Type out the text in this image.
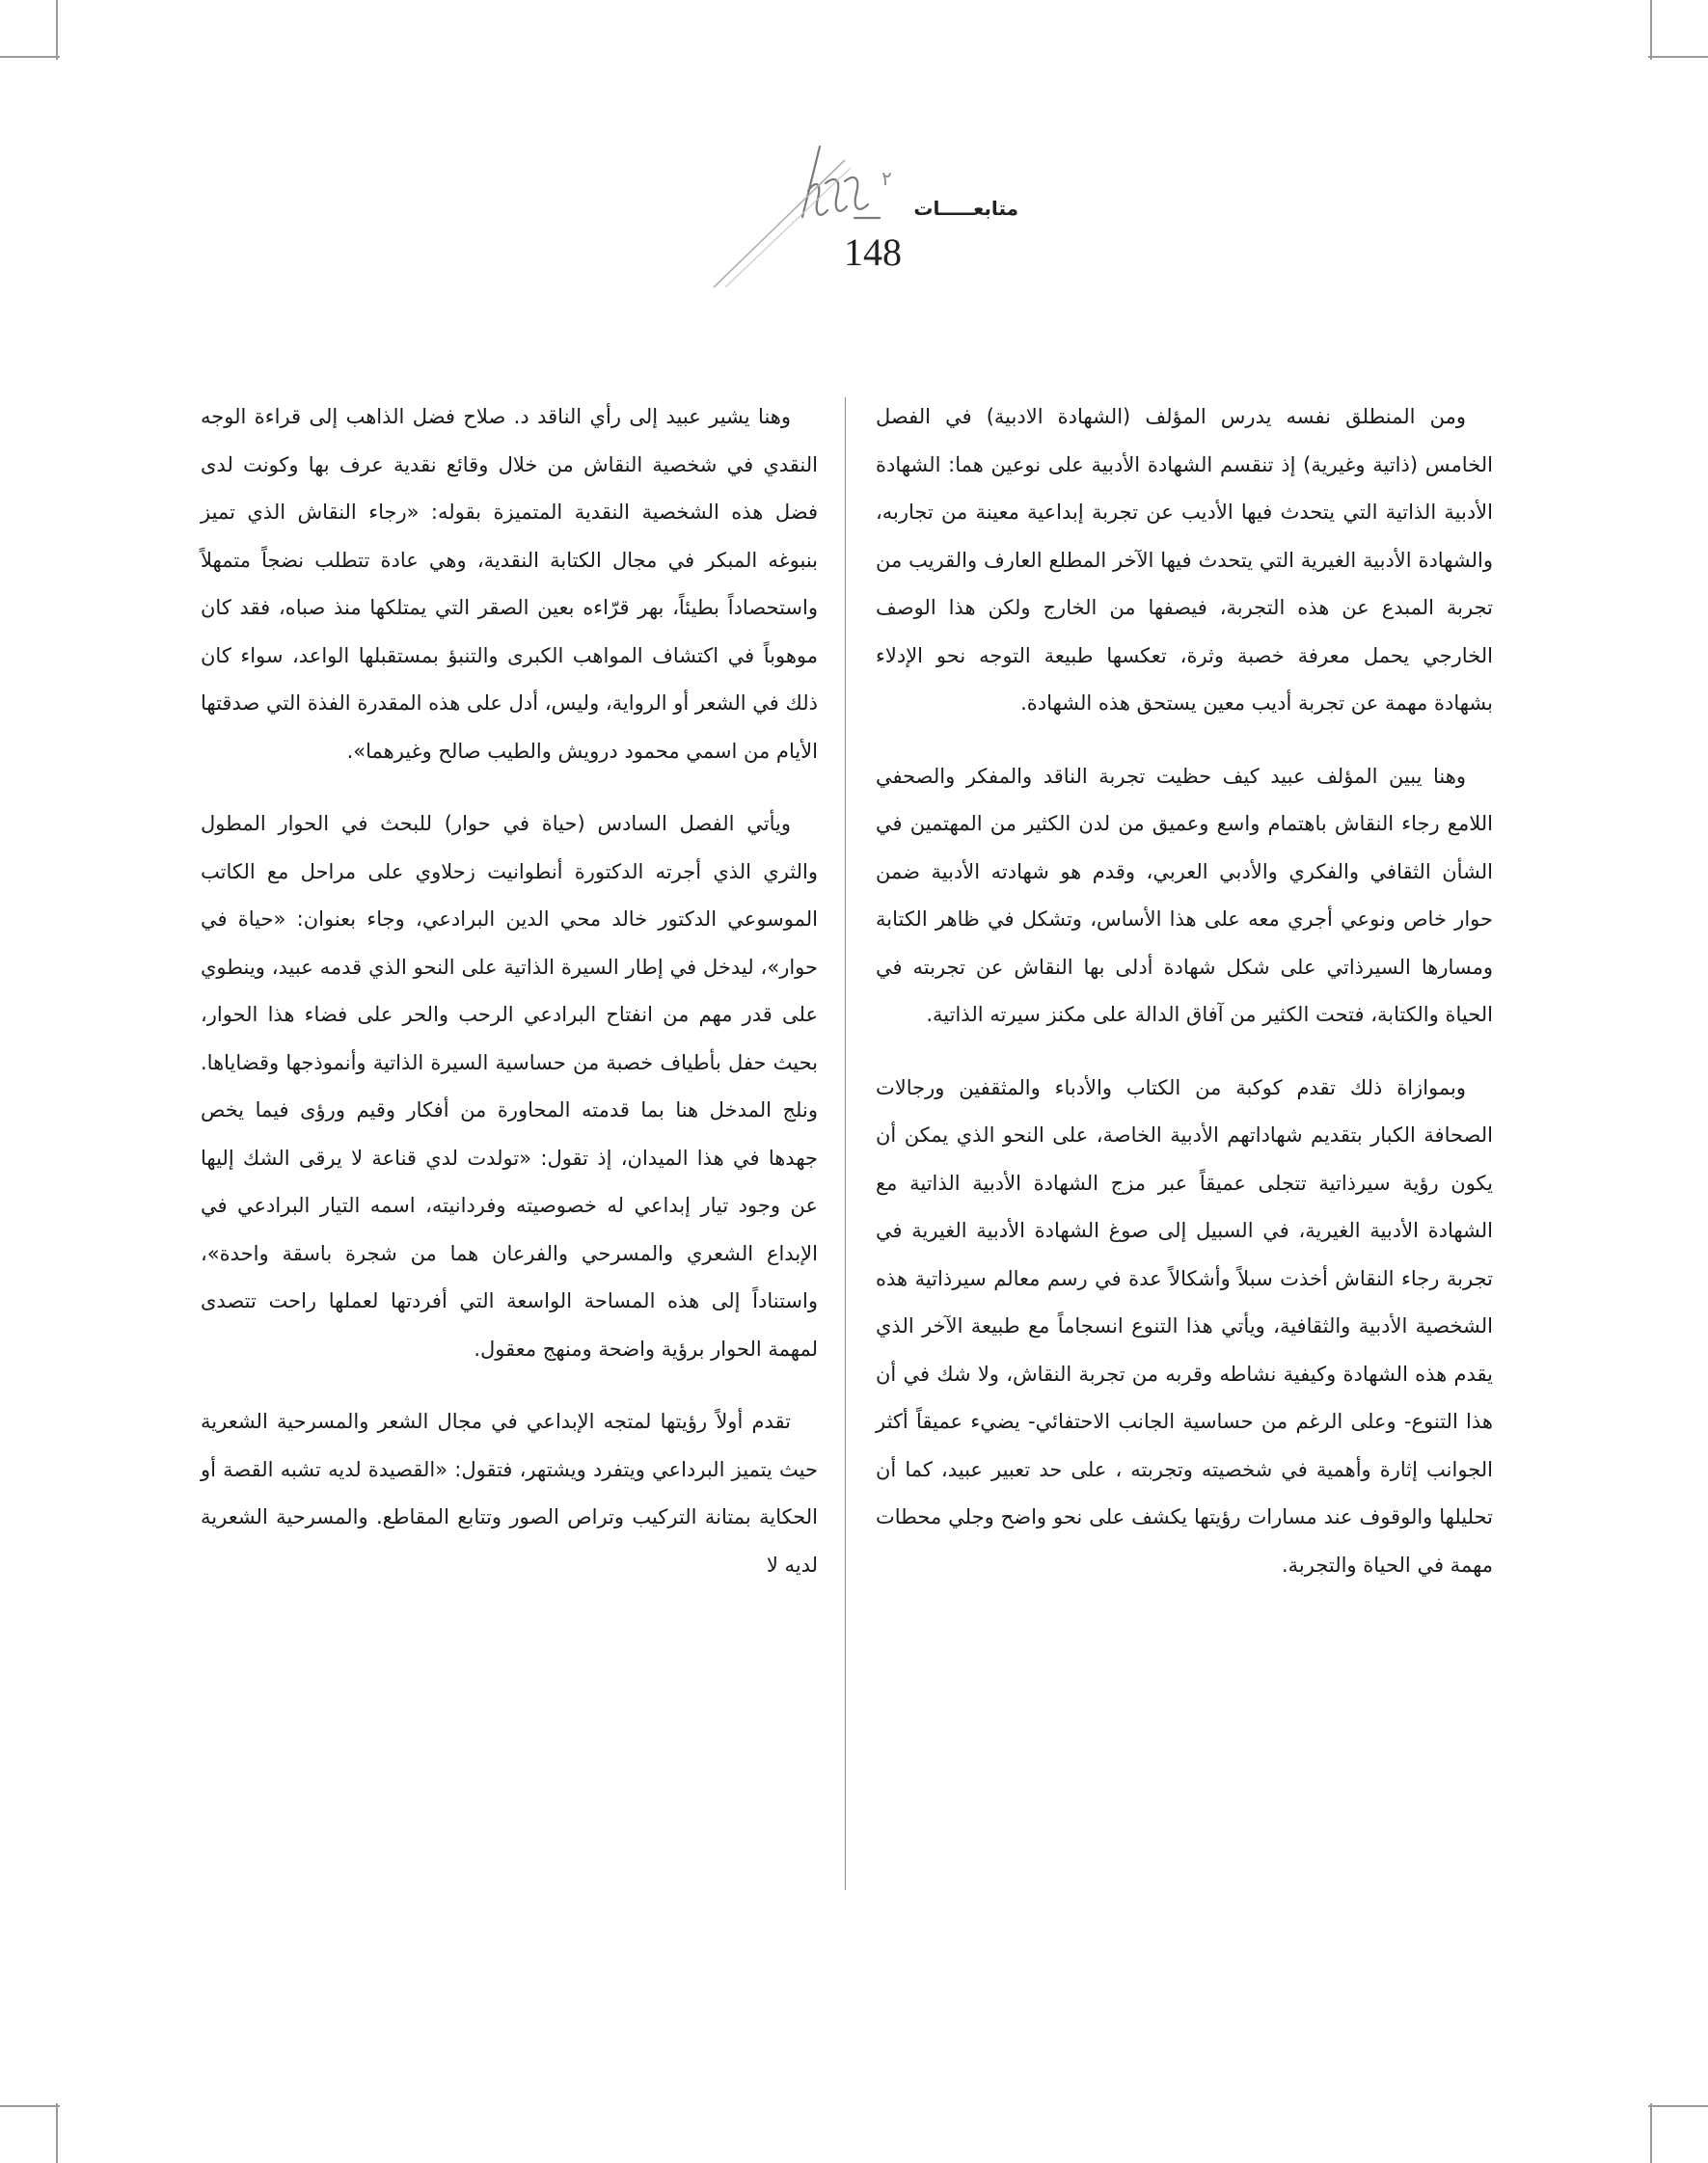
٢
متابعـــــات
148

ومن المنطلق نفسه يدرس المؤلف (الشهادة الادبية) في الفصل الخامس (ذاتية وغيرية) إذ تنقسم الشهادة الأدبية على نوعين هما: الشهادة الأدبية الذاتية التي يتحدث فيها الأديب عن تجربة إبداعية معينة من تجاربه، والشهادة الأدبية الغيرية التي يتحدث فيها الآخر المطلع العارف والقريب من تجربة المبدع عن هذه التجربة، فيصفها من الخارج ولكن هذا الوصف الخارجي يحمل معرفة خصبة وثرة، تعكسها طبيعة التوجه نحو الإدلاء بشهادة مهمة عن تجربة أديب معين يستحق هذه الشهادة.

وهنا يبين المؤلف عبيد كيف حظيت تجربة الناقد والمفكر والصحفي اللامع رجاء النقاش باهتمام واسع وعميق من لدن الكثير من المهتمين في الشأن الثقافي والفكري والأدبي العربي، وقدم هو شهادته الأدبية ضمن حوار خاص ونوعي أجري معه على هذا الأساس، وتشكل في ظاهر الكتابة ومسارها السيرذاتي على شكل شهادة أدلى بها النقاش عن تجربته في الحياة والكتابة، فتحت الكثير من آفاق الدالة على مكنز سيرته الذاتية.

وبموازاة ذلك تقدم كوكبة من الكتاب والأدباء والمثقفين ورجالات الصحافة الكبار بتقديم شهاداتهم الأدبية الخاصة، على النحو الذي يمكن أن يكون رؤية سيرذاتية تتجلى عميقاً عبر مزج الشهادة الأدبية الذاتية مع الشهادة الأدبية الغيرية، في السبيل إلى صوغ الشهادة الأدبية الغيرية في تجربة رجاء النقاش أخذت سبلاً وأشكالاً عدة في رسم معالم سيرذاتية هذه الشخصية الأدبية والثقافية، ويأتي هذا التنوع انسجاماً مع طبيعة الآخر الذي يقدم هذه الشهادة وكيفية نشاطه وقربه من تجربة النقاش، ولا شك في أن هذا التنوع- وعلى الرغم من حساسية الجانب الاحتفائي- يضيء عميقاً أكثر الجوانب إثارة وأهمية في شخصيته وتجربته ، على حد تعبير عبيد، كما أن تحليلها والوقوف عند مسارات رؤيتها يكشف على نحو واضح وجلي محطات مهمة في الحياة والتجربة.

وهنا يشير عبيد إلى رأي الناقد د. صلاح فضل الذاهب إلى قراءة الوجه النقدي في شخصية النقاش من خلال وقائع نقدية عرف بها وكونت لدى فضل هذه الشخصية النقدية المتميزة بقوله: «رجاء النقاش الذي تميز بنبوغه المبكر في مجال الكتابة النقدية، وهي عادة تتطلب نضجاً متمهلاً واستحصاداً بطيئاً، بهر قرّاءه بعين الصقر التي يمتلكها منذ صباه، فقد كان موهوباً في اكتشاف المواهب الكبرى والتنبؤ بمستقبلها الواعد، سواء كان ذلك في الشعر أو الرواية، وليس، أدل على هذه المقدرة الفذة التي صدقتها الأيام من اسمي محمود درويش والطيب صالح وغيرهما».

ويأتي الفصل السادس (حياة في حوار) للبحث في الحوار المطول والثري الذي أجرته الدكتورة أنطوانيت زحلاوي على مراحل مع الكاتب الموسوعي الدكتور خالد محي الدين البرادعي، وجاء بعنوان: «حياة في حوار»، ليدخل في إطار السيرة الذاتية على النحو الذي قدمه عبيد، وينطوي على قدر مهم من انفتاح البرادعي الرحب والحر على فضاء هذا الحوار، بحيث حفل بأطياف خصبة من حساسية السيرة الذاتية وأنموذجها وقضاياها. ونلج المدخل هنا بما قدمته المحاورة من أفكار وقيم ورؤى فيما يخص جهدها في هذا الميدان، إذ تقول: «تولدت لدي قناعة لا يرقى الشك إليها عن وجود تيار إبداعي له خصوصيته وفردانيته، اسمه التيار البرادعي في الإبداع الشعري والمسرحي والفرعان هما من شجرة باسقة واحدة»، واستناداً إلى هذه المساحة الواسعة التي أفردتها لعملها راحت تتصدى لمهمة الحوار برؤية واضحة ومنهج معقول.

تقدم أولاً رؤيتها لمتجه الإبداعي في مجال الشعر والمسرحية الشعرية حيث يتميز البرداعي ويتفرد ويشتهر، فتقول: «القصيدة لديه تشبه القصة أو الحكاية بمتانة التركيب وتراص الصور وتتابع المقاطع. والمسرحية الشعرية لديه لا
